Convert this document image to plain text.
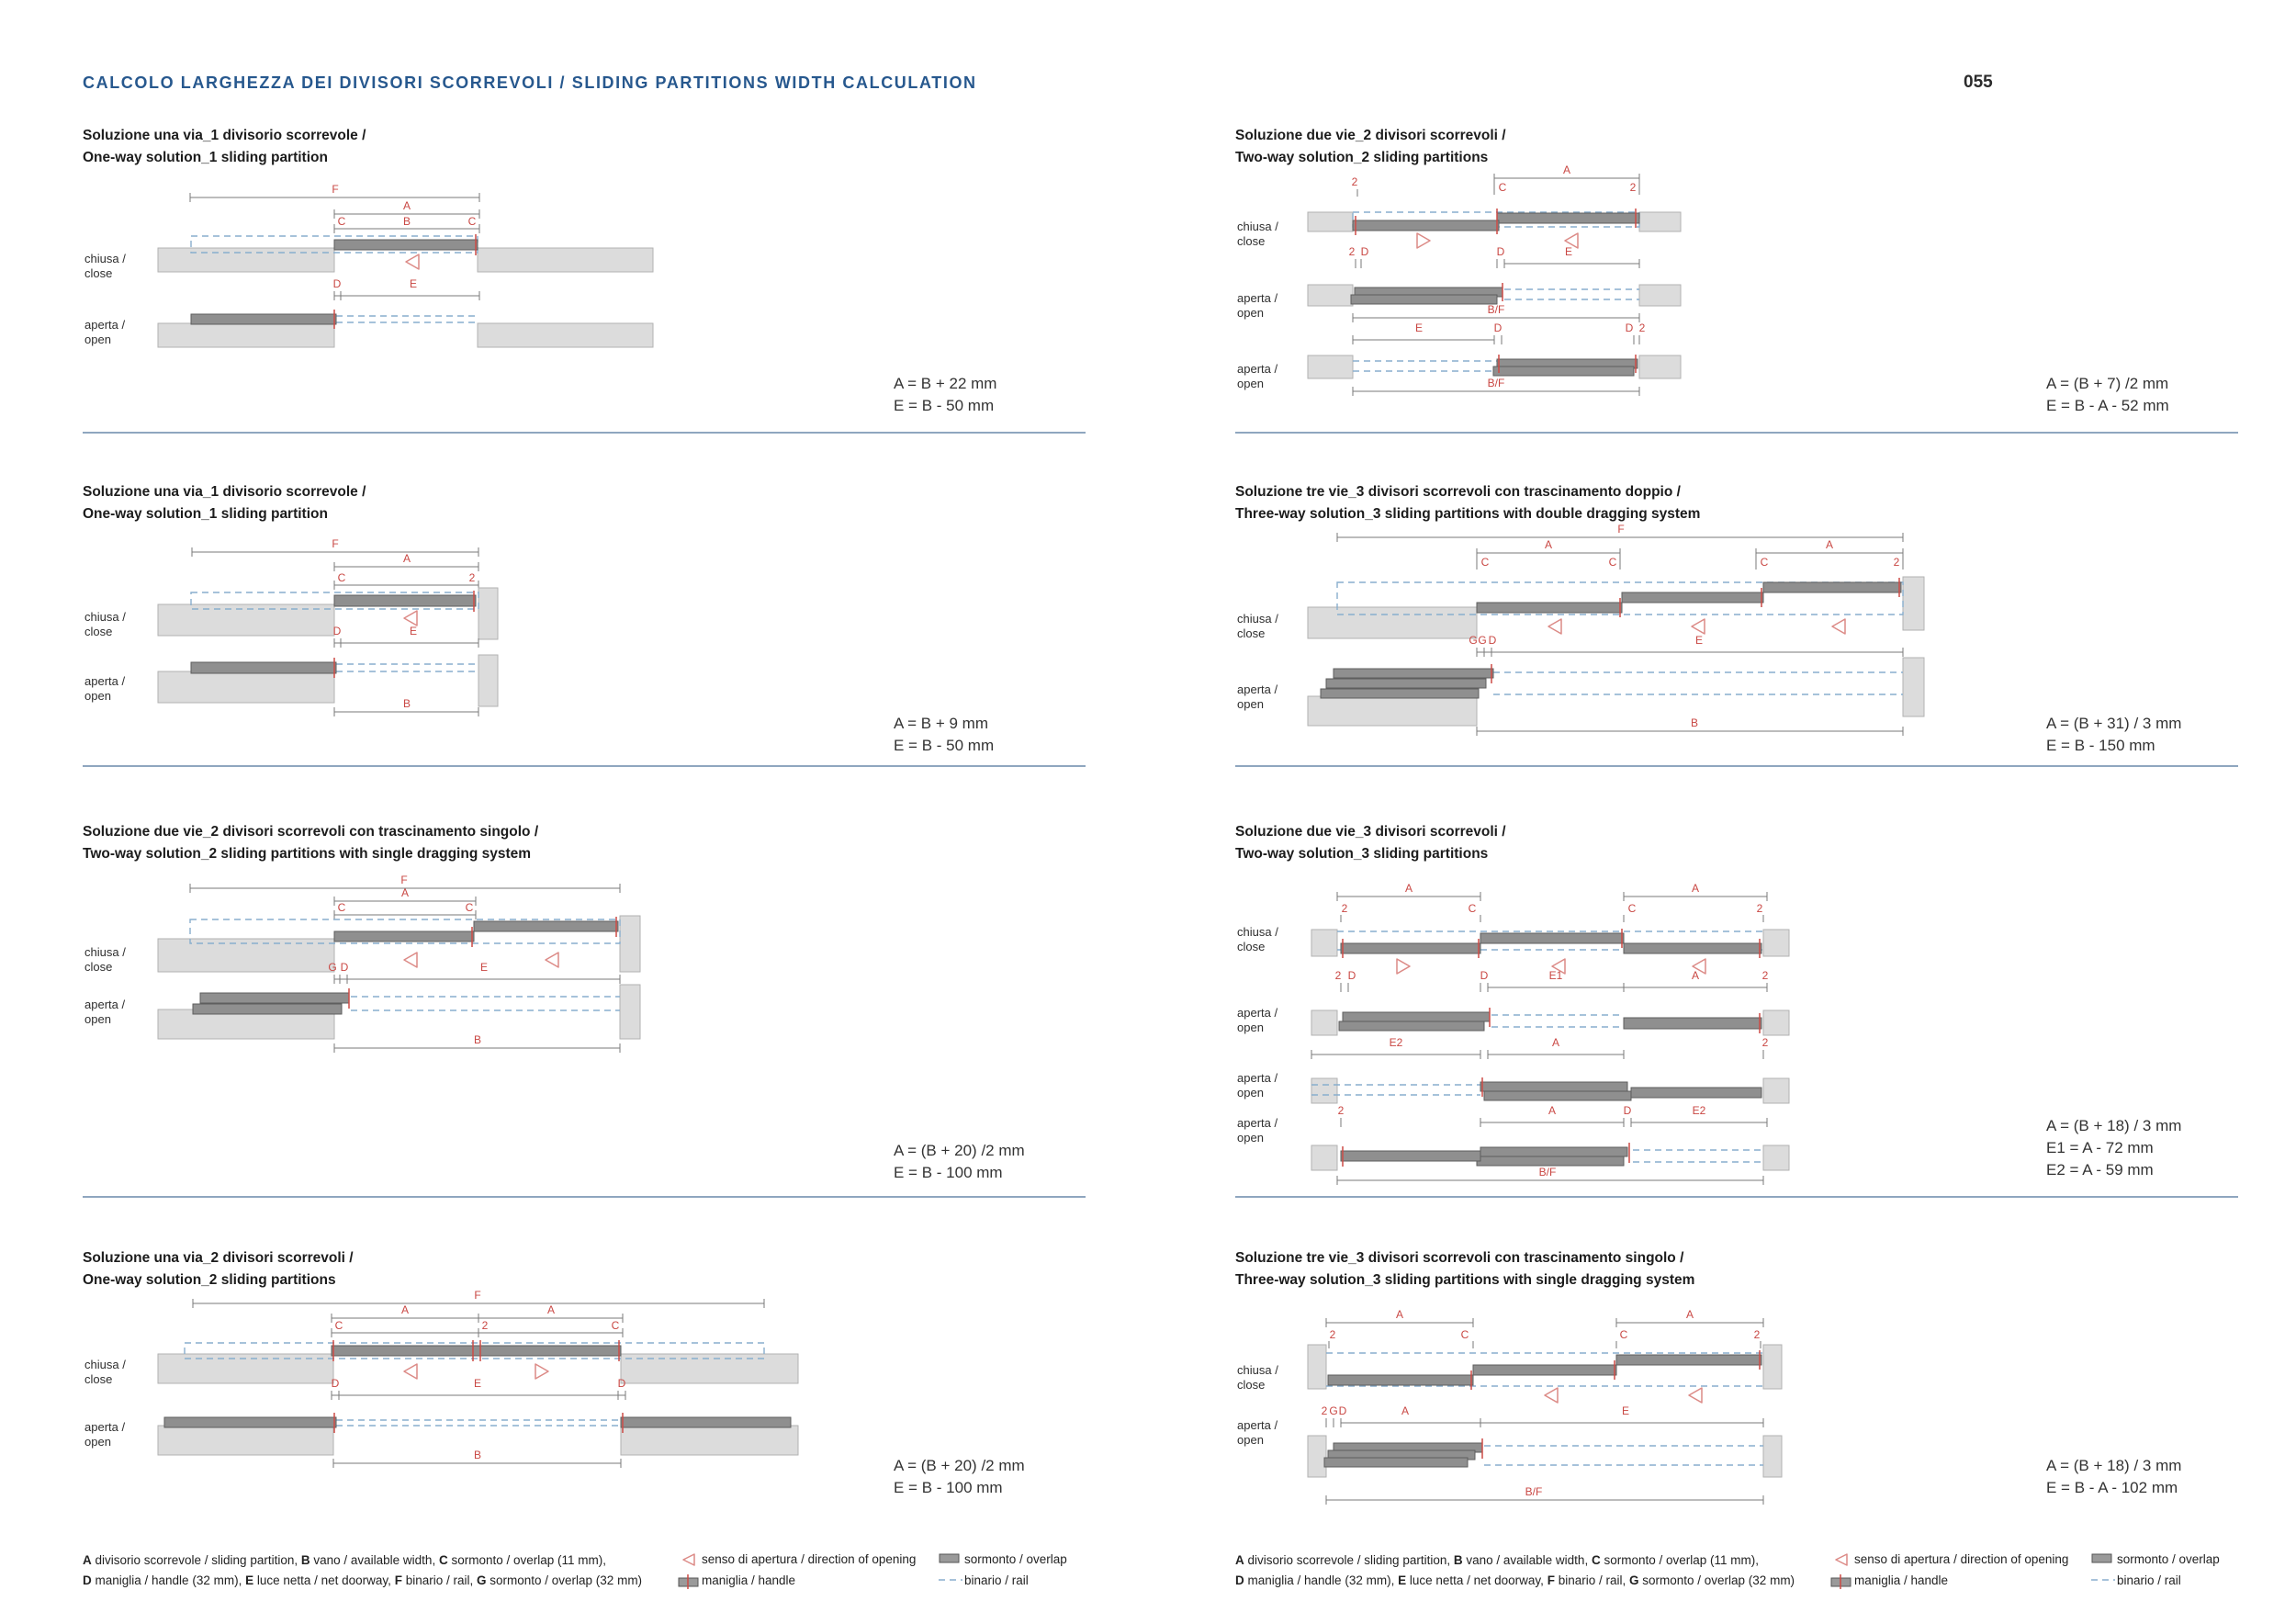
CALCOLO LARGHEZZA DEI DIVISORI SCORREVOLI / SLIDING PARTITIONS WIDTH CALCULATION	055
Soluzione una via_1 divisorio scorrevole /
One-way solution_1 sliding partition
F
A
C	B	C
chiusa /
close
D	E
aperta /
open
A = B + 22 mm
E = B - 50 mm
Soluzione una via_1 divisorio scorrevole /
One-way solution_1 sliding partition
F
A
C	2
chiusa /
close	D	E
aperta /
open
B
A = B + 9 mm
E = B - 50 mm
Soluzione due vie_2 divisori scorrevoli con trascinamento singolo /
Two-way solution_2 sliding partitions with single dragging system
F
A
C	C
chiusa /
close	G D	E
aperta /
open
B
A = (B + 20) /2 mm
E = B - 100 mm
Soluzione una via_2 divisori scorrevoli /
One-way solution_2 sliding partitions
F
A	A
C	2	C
chiusa /
close	D	E	D
aperta /
open
B
A = (B + 20) /2 mm
E = B - 100 mm
Soluzione due vie_2 divisori scorrevoli /
Two-way solution_2 sliding partitions
2
A
C	2
chiusa /
close
2 D	D	E
aperta /
open	B/F
E	D	D 2
aperta /
open	B/F	A = (B + 7) /2 mm
E = B - A - 52 mm
Soluzione tre vie_3 divisori scorrevoli con trascinamento doppio /
Three-way solution_3 sliding partitions with double dragging system
F
A	A
C	C	C	2
chiusa /
close	G G D	E
aperta /
open
B	A = (B + 31) / 3 mm
E = B - 150 mm
Soluzione due vie_3 divisori scorrevoli /
Two-way solution_3 sliding partitions
A	A
2	C	C	2
chiusa /
close
2 D	D	E1	A	2
aperta /
open
E2	A	2
aperta /
open
2	A	D	E2
aperta /
open
B/F
A = (B + 18) / 3 mm
E1 = A - 72 mm
E2 = A - 59 mm
Soluzione tre vie_3 divisori scorrevoli con trascinamento singolo /
Three-way solution_3 sliding partitions with single dragging system
A	A
2	C	C	2
chiusa /
close
2 G D	A	E
aperta /
open
B/F
A = (B + 18) / 3 mm
E = B - A - 102 mm
A divisorio scorrevole / sliding partition, B vano / available width, C sormonto / overlap (11 mm),
D maniglia / handle (32 mm), E luce netta / net doorway, F binario / rail, G sormonto / overlap (32 mm)
senso di apertura / direction of opening
maniglia / handle
sormonto / overlap
binario / rail
A divisorio scorrevole / sliding partition, B vano / available width, C sormonto / overlap (11 mm),
D maniglia / handle (32 mm), E luce netta / net doorway, F binario / rail, G sormonto / overlap (32 mm)
senso di apertura / direction of opening
maniglia / handle
sormonto / overlap
binario / rail
